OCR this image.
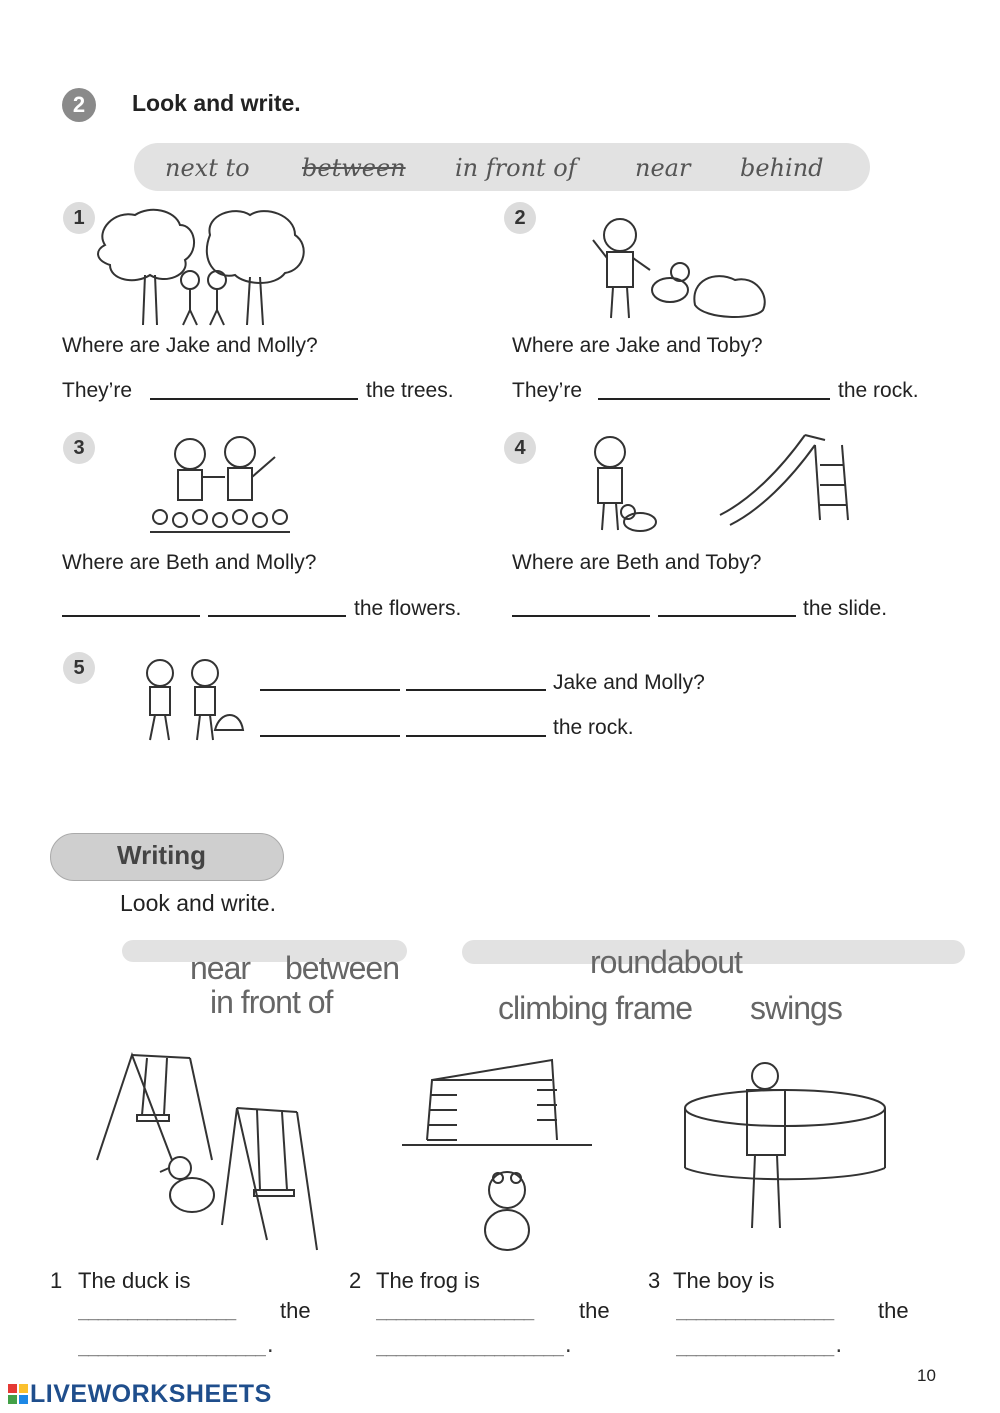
2	Look and write.
next to between in front of near behind
1
Where are Jake and Molly?
They’re	the trees.
2
Where are Jake and Toby?
They’re	the rock.
3
Where are Beth and Molly?
the flowers.
4
Where are Beth and Toby?
the slide.
5
Jake and Molly?
the rock.
Writing
Look and write.
near between
in front of
roundabout
climbing frame swings
1 The duck is
________________ the
___________________.
2 The frog is
________________ the
___________________.
3 The boy is
________________ the
________________.
10
LIVEWORKSHEETS
